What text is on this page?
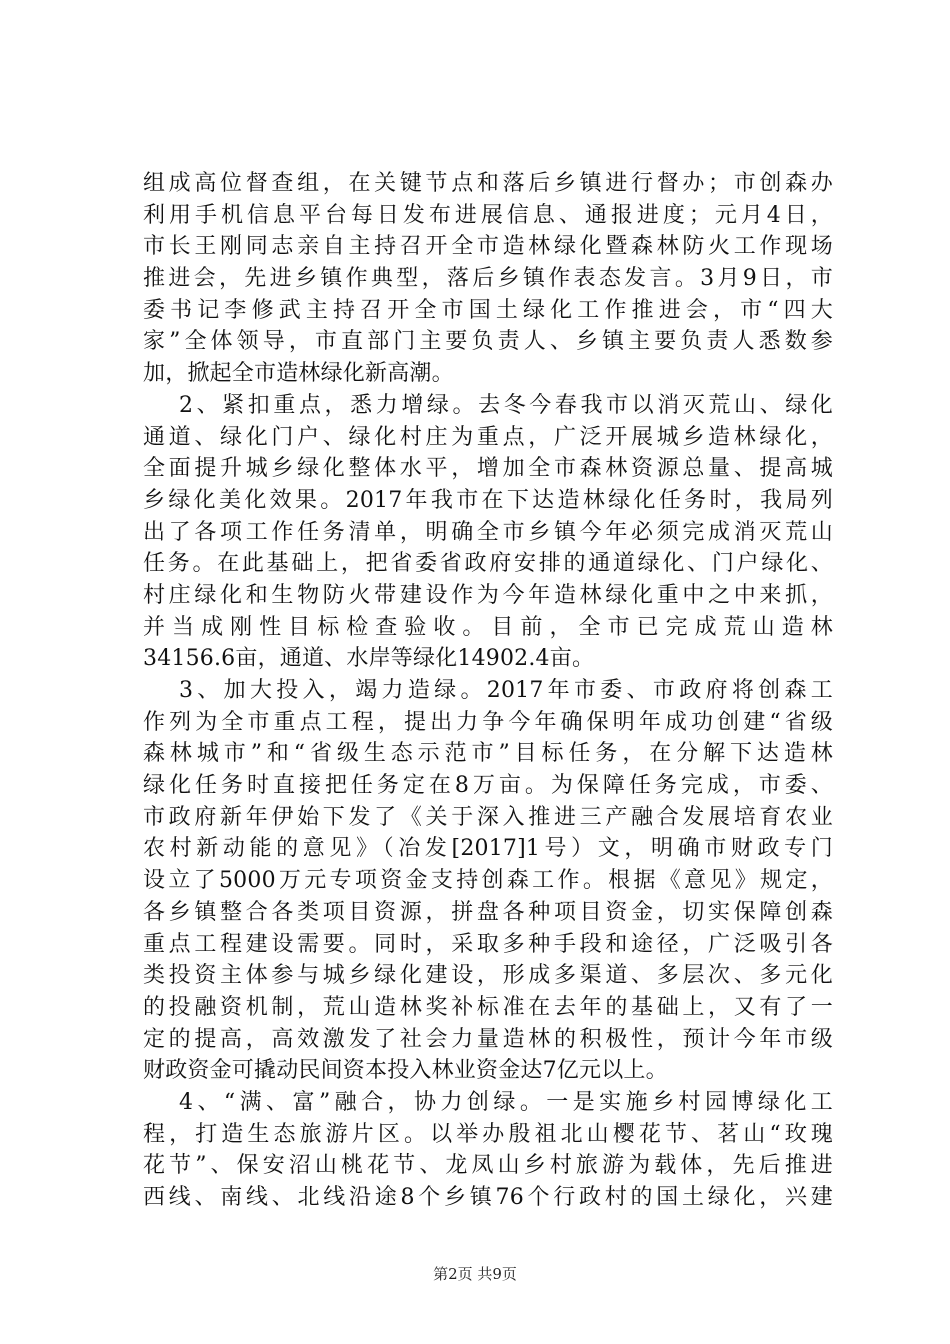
组成高位督查组，在关键节点和落后乡镇进行督办；市创森办
利用手机信息平台每日发布进展信息、通报进度；元月4日，
市长王刚同志亲自主持召开全市造林绿化暨森林防火工作现场
推进会，先进乡镇作典型，落后乡镇作表态发言。3月9日，市
委书记李修武主持召开全市国土绿化工作推进会，市“四大
家”全体领导，市直部门主要负责人、乡镇主要负责人悉数参
加，掀起全市造林绿化新高潮。
2、紧扣重点，悉力增绿。去冬今春我市以消灭荒山、绿化
通道、绿化门户、绿化村庄为重点，广泛开展城乡造林绿化，
全面提升城乡绿化整体水平，增加全市森林资源总量、提高城
乡绿化美化效果。2017年我市在下达造林绿化任务时，我局列
出了各项工作任务清单，明确全市乡镇今年必须完成消灭荒山
任务。在此基础上，把省委省政府安排的通道绿化、门户绿化、
村庄绿化和生物防火带建设作为今年造林绿化重中之中来抓，
并当成刚性目标检查验收。目前，全市已完成荒山造林
34156.6亩，通道、水岸等绿化14902.4亩。
3、加大投入，竭力造绿。2017年市委、市政府将创森工
作列为全市重点工程，提出力争今年确保明年成功创建“省级
森林城市”和“省级生态示范市”目标任务，在分解下达造林
绿化任务时直接把任务定在8万亩。为保障任务完成，市委、
市政府新年伊始下发了《关于深入推进三产融合发展培育农业
农村新动能的意见》（冶发[2017]1号）文，明确市财政专门
设立了5000万元专项资金支持创森工作。根据《意见》规定，
各乡镇整合各类项目资源，拼盘各种项目资金，切实保障创森
重点工程建设需要。同时，采取多种手段和途径，广泛吸引各
类投资主体参与城乡绿化建设，形成多渠道、多层次、多元化
的投融资机制，荒山造林奖补标准在去年的基础上，又有了一
定的提高，高效激发了社会力量造林的积极性，预计今年市级
财政资金可撬动民间资本投入林业资金达7亿元以上。
4、“满、富”融合，协力创绿。一是实施乡村园博绿化工
程，打造生态旅游片区。以举办殷祖北山樱花节、茗山“玫瑰
花节”、保安沼山桃花节、龙凤山乡村旅游为载体，先后推进
西线、南线、北线沿途8个乡镇76个行政村的国土绿化，兴建
第2页 共9页
